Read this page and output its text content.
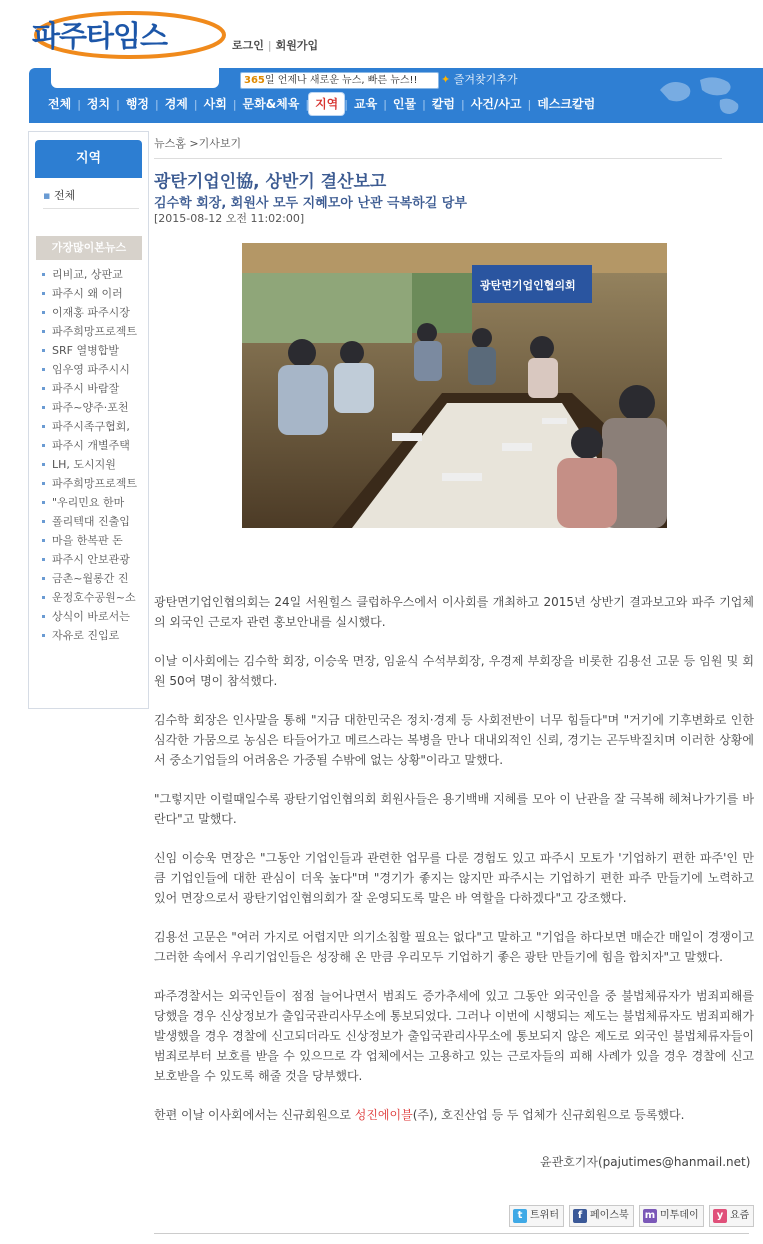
파주타임스	로그인 | 회원가입
365일 언제나 새로운 뉴스, 빠른 뉴스!!	✦ 즐겨찾기추가
전체 | 정치 | 행정 | 경제 | 사회 | 문화&체육 | 지역 | 교육 | 인물 | 칼럼 | 사건/사고 | 데스크칼럼
지역
▪ 전체
가장많이본뉴스
리비교, 상판교
파주시 왜 이러
이재홍 파주시장
파주희망프로젝트
SRF 열병합발
임우영 파주시시
파주시 바람잘
파주~양주·포천
파주시족구협회,
파주시 개별주택
LH, 도시지원
파주희망프로젝트
"우리민요 한마
폴리텍대 진출입
마을 한복판 돈
파주시 안보관광
금촌~월롱간 진
운정호수공원~소
상식이 바로서는
자유로 진입로
뉴스홈 >기사보기
광탄기업인協, 상반기 결산보고
김수학 회장, 회원사 모두 지혜모아 난관 극복하길 당부
[2015-08-12 오전 11:02:00]
광탄면기업인협의회

광탄면기업인협의회는 24일 서원힐스 클럽하우스에서 이사회를 개최하고 2015년 상반기 결과보고와 파주 기업체의 외국인 근로자 관련 홍보안내를 실시했다.

이날 이사회에는 김수학 회장, 이승욱 면장, 임윤식 수석부회장, 우경제 부회장을 비롯한 김용선 고문 등 임원 및 회원 50여 명이 참석했다.

김수학 회장은 인사말을 통해 "지금 대한민국은 정치·경제 등 사회전반이 너무 힘들다"며 "거기에 기후변화로 인한 심각한 가뭄으로 농심은 타들어가고 메르스라는 복병을 만나 대내외적인 신뢰, 경기는 곤두박질치며 이러한 상황에서 중소기업들의 어려움은 가중될 수밖에 없는 상황"이라고 말했다.

"그렇지만 이럴때일수록 광탄기업인협의회 회원사들은 용기백배 지혜를 모아 이 난관을 잘 극복해 헤쳐나가기를 바란다"고 말했다.

신임 이승욱 면장은 "그동안 기업인들과 관련한 업무를 다룬 경험도 있고 파주시 모토가 '기업하기 편한 파주'인 만큼 기업인들에 대한 관심이 더욱 높다"며 "경기가 좋지는 않지만 파주시는 기업하기 편한 파주 만들기에 노력하고 있어 면장으로서 광탄기업인협의회가 잘 운영되도록 말은 바 역할을 다하겠다"고 강조했다.

김용선 고문은 "여러 가지로 어렵지만 의기소침할 필요는 없다"고 말하고 "기업을 하다보면 매순간 매일이 경쟁이고 그러한 속에서 우리기업인들은 성장해 온 만큼 우리모두 기업하기 좋은 광탄 만들기에 힘을 합치자"고 말했다.

파주경찰서는 외국인들이 점점 늘어나면서 범죄도 증가추세에 있고 그동안 외국인을 중 불법체류자가 범죄피해를 당했을 경우 신상정보가 출입국관리사무소에 통보되었다. 그러나 이번에 시행되는 제도는 불법체류자도 범죄피해가 발생했을 경우 경찰에 신고되더라도 신상정보가 출입국관리사무소에 통보되지 않은 제도로 외국인 불법체류자들이 범죄로부터 보호를 받을 수 있으므로 각 업체에서는 고용하고 있는 근로자들의 피해 사례가 있을 경우 경찰에 신고 보호받을 수 있도록 해줄 것을 당부했다.

한편 이날 이사회에서는 신규회원으로 성진에이블(주), 호진산업 등 두 업체가 신규회원으로 등록했다.

윤관호기자(pajutimes@hanmail.net)
t 트위터	f 페이스북 m 미투데이	y 요즘
